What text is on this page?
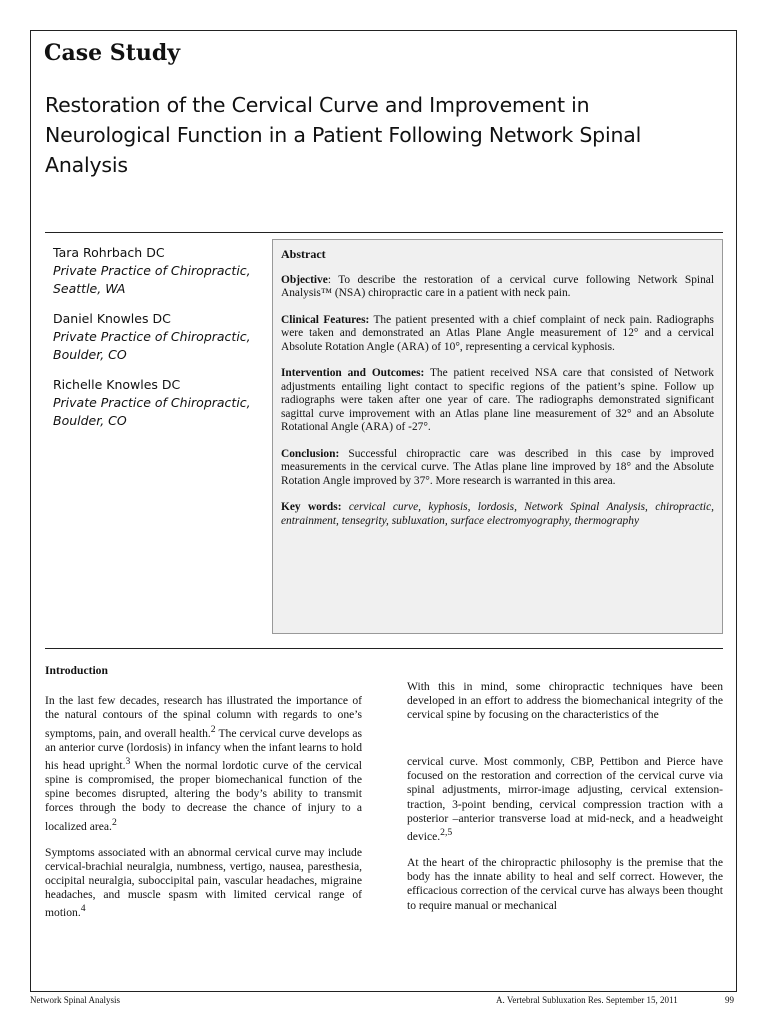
Case Study
Restoration of the Cervical Curve and Improvement in Neurological Function in a Patient Following Network Spinal Analysis
Tara Rohrbach DC
Private Practice of Chiropractic, Seattle, WA
Daniel Knowles DC
Private Practice of Chiropractic, Boulder, CO
Richelle Knowles DC
Private Practice of Chiropractic, Boulder, CO
Abstract

Objective: To describe the restoration of a cervical curve following Network Spinal Analysis™ (NSA) chiropractic care in a patient with neck pain.

Clinical Features: The patient presented with a chief complaint of neck pain. Radiographs were taken and demonstrated an Atlas Plane Angle measurement of 12° and a cervical Absolute Rotation Angle (ARA) of 10°, representing a cervical kyphosis.

Intervention and Outcomes: The patient received NSA care that consisted of Network adjustments entailing light contact to specific regions of the patient’s spine. Follow up radiographs were taken after one year of care. The radiographs demonstrated significant sagittal curve improvement with an Atlas plane line measurement of 32° and an Absolute Rotational Angle (ARA) of -27°.

Conclusion: Successful chiropractic care was described in this case by improved measurements in the cervical curve. The Atlas plane line improved by 18° and the Absolute Rotation Angle improved by 37°. More research is warranted in this area.

Key words: cervical curve, kyphosis, lordosis, Network Spinal Analysis, chiropractic, entrainment, tensegrity, subluxation, surface electromyography, thermography

Introduction

In the last few decades, research has illustrated the importance of the natural contours of the spinal column with regards to one’s symptoms, pain, and overall health.$^2$ The cervical curve develops as an anterior curve (lordosis) in infancy when the infant learns to hold his head upright.$^3$ When the normal lordotic curve of the cervical spine is compromised, the proper biomechanical function of the spine becomes disrupted, altering the body’s ability to transmit forces through the body to decrease the chance of injury to a localized area.$^2$

Symptoms associated with an abnormal cervical curve may include cervical-brachial neuralgia, numbness, vertigo, nausea, paresthesia, occipital neuralgia, suboccipital pain, vascular headaches, migraine headaches, and muscle spasm with limited cervical range of motion.$^4$

With this in mind, some chiropractic techniques have been developed in an effort to address the biomechanical integrity of the cervical spine by focusing on the characteristics of the

cervical curve. Most commonly, CBP, Pettibon and Pierce have focused on the restoration and correction of the cervical curve via spinal adjustments, mirror-image adjusting, cervical extension-traction, 3-point bending, cervical compression traction with a posterior –anterior transverse load at mid-neck, and a headweight device.$^{2,5}$

At the heart of the chiropractic philosophy is the premise that the body has the innate ability to heal and self correct. However, the efficacious correction of the cervical curve has always been thought to require manual or mechanical

Network Spinal Analysis	A. Vertebral Subluxation Res. September 15, 2011	99
